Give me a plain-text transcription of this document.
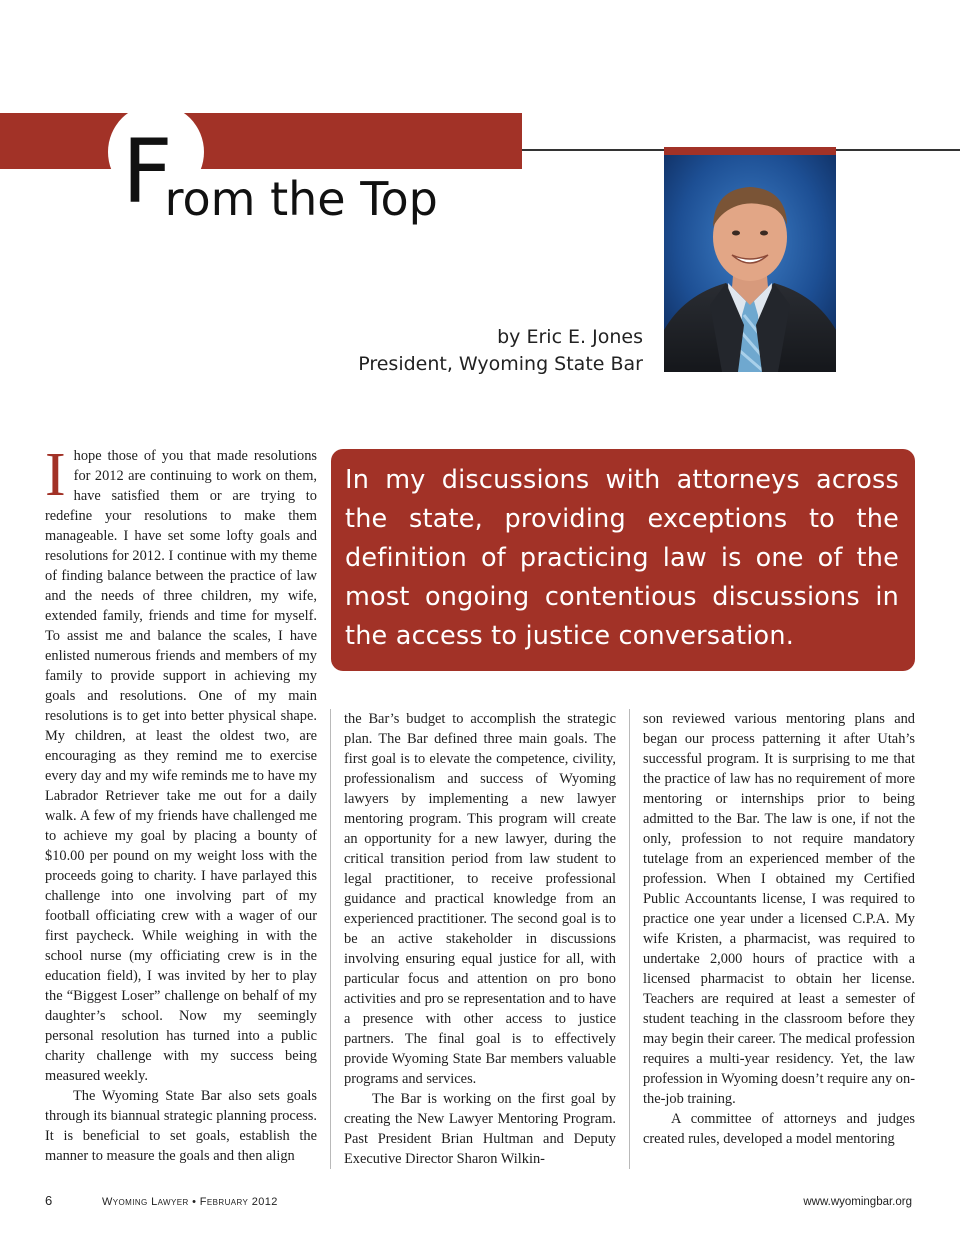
From the Top
by Eric E. Jones
President, Wyoming State Bar
In my discussions with attorneys across the state, providing exceptions to the definition of practicing law is one of the most ongoing contentious discussions in the access to justice conversation.

Ihope those of you that made resolutions for 2012 are continuing to work on them, have satisfied them or are trying to redefine your resolutions to make them manageable. I have set some lofty goals and resolutions for 2012. I continue with my theme of finding balance between the practice of law and the needs of three children, my wife, extended family, friends and time for myself. To assist me and balance the scales, I have enlisted numerous friends and members of my family to provide support in achieving my goals and resolutions. One of my main resolutions is to get into better physical shape. My children, at least the oldest two, are encouraging as they remind me to exercise every day and my wife reminds me to have my Labrador Retriever take me out for a daily walk. A few of my friends have challenged me to achieve my goal by placing a bounty of $10.00 per pound on my weight loss with the proceeds going to charity. I have parlayed this challenge into one involving part of my football officiating crew with a wager of our first paycheck. While weighing in with the school nurse (my officiating crew is in the education field), I was invited by her to play the “Biggest Loser” challenge on behalf of my daughter’s school. Now my seemingly personal resolution has turned into a public charity challenge with my success being measured weekly.

The Wyoming State Bar also sets goals through its biannual strategic planning process. It is beneficial to set goals, establish the manner to measure the goals and then align

the Bar’s budget to accomplish the strategic plan. The Bar defined three main goals. The first goal is to elevate the competence, civility, professionalism and success of Wyoming lawyers by implementing a new lawyer mentoring program. This program will create an opportunity for a new lawyer, during the critical transition period from law student to legal practitioner, to receive professional guidance and practical knowledge from an experienced practitioner. The second goal is to be an active stakeholder in discussions involving ensuring equal justice for all, with particular focus and attention on pro bono activities and pro se representation and to have a presence with other access to justice partners. The final goal is to effectively provide Wyoming State Bar members valuable programs and services.

The Bar is working on the first goal by creating the New Lawyer Mentoring Program. Past President Brian Hultman and Deputy Executive Director Sharon Wilkin-

son reviewed various mentoring plans and began our process patterning it after Utah’s successful program. It is surprising to me that the practice of law has no requirement of more mentoring or internships prior to being admitted to the Bar. The law is one, if not the only, profession to not require mandatory tutelage from an experienced member of the profession. When I obtained my Certified Public Accountants license, I was required to practice one year under a licensed C.P.A. My wife Kristen, a pharmacist, was required to undertake 2,000 hours of practice with a licensed pharmacist to obtain her license. Teachers are required at least a semester of student teaching in the classroom before they may begin their career. The medical profession requires a multi-year residency. Yet, the law profession in Wyoming doesn’t require any on-the-job training.

A committee of attorneys and judges created rules, developed a model mentoring

6	Wyoming Lawyer • February 2012	www.wyomingbar.org
